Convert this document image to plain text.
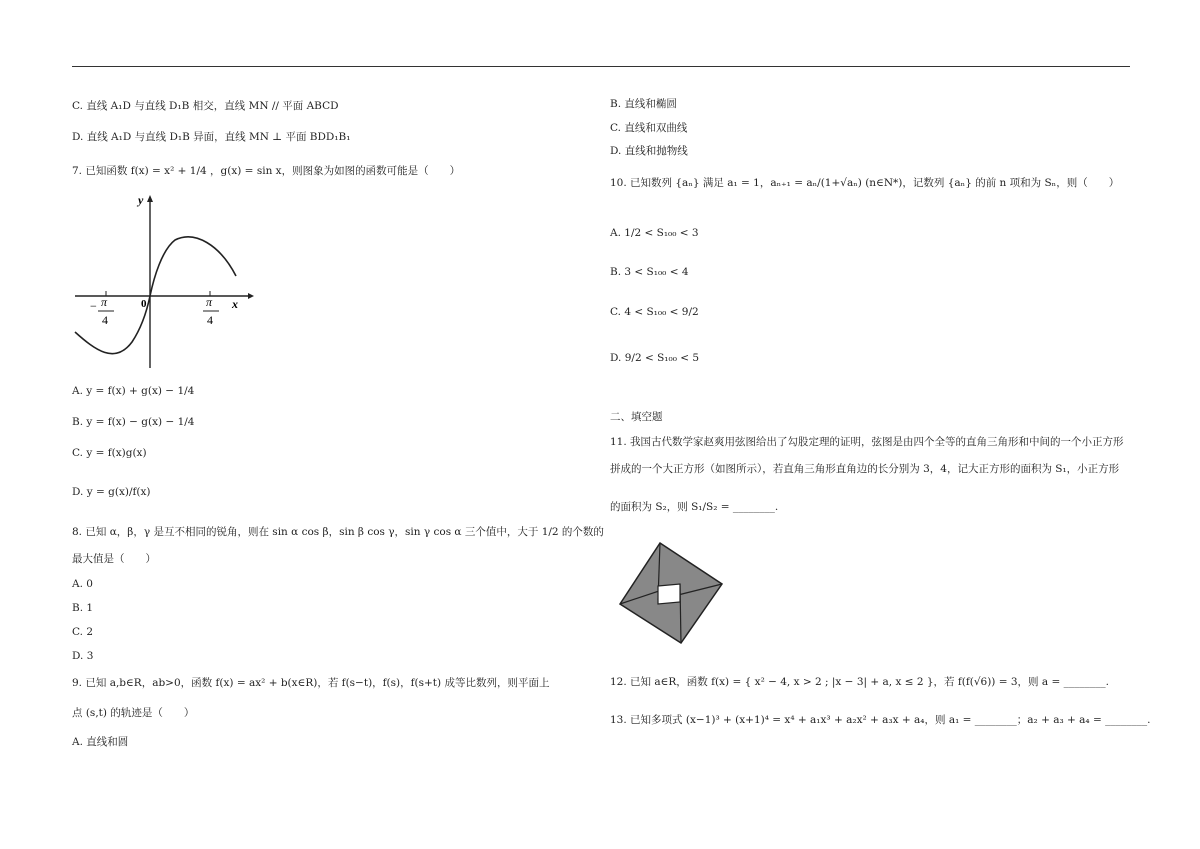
C. 直线 A₁D 与直线 D₁B 相交，直线 MN // 平面 ABCD
D. 直线 A₁D 与直线 D₁B 异面，直线 MN ⊥ 平面 BDD₁B₁
7. 已知函数 f(x) = x² + 1/4 ，g(x) = sin x，则图象为如图的函数可能是（　　）
y
x
0
− π
4
π
4
A. y = f(x) + g(x) − 1/4
B. y = f(x) − g(x) − 1/4
C. y = f(x)g(x)
D. y = g(x)/f(x)
8. 已知 α，β，γ 是互不相同的锐角，则在 sin α cos β，sin β cos γ，sin γ cos α 三个值中，大于 1/2 的个数的
最大值是（　　）
A. 0
B. 1
C. 2
D. 3
9. 已知 a,b∈R，ab>0，函数 f(x) = ax² + b(x∈R)，若 f(s−t)，f(s)，f(s+t) 成等比数列，则平面上
点 (s,t) 的轨迹是（　　）
A. 直线和圆
B. 直线和椭圆
C. 直线和双曲线
D. 直线和抛物线
10. 已知数列 {aₙ} 满足 a₁ = 1，aₙ₊₁ = aₙ/(1+√aₙ) (n∈N*)，记数列 {aₙ} 的前 n 项和为 Sₙ，则（　　）
A. 1/2 < S₁₀₀ < 3
B. 3 < S₁₀₀ < 4
C. 4 < S₁₀₀ < 9/2
D. 9/2 < S₁₀₀ < 5
二、填空题
11. 我国古代数学家赵爽用弦图给出了勾股定理的证明，弦图是由四个全等的直角三角形和中间的一个小正方形
拼成的一个大正方形（如图所示），若直角三角形直角边的长分别为 3，4，记大正方形的面积为 S₁，小正方形
的面积为 S₂，则 S₁/S₂ = ________.
12. 已知 a∈R，函数 f(x) = { x² − 4, x > 2 ; |x − 3| + a, x ≤ 2 }，若 f(f(√6)) = 3，则 a = ________.
13. 已知多项式 (x−1)³ + (x+1)⁴ = x⁴ + a₁x³ + a₂x² + a₃x + a₄，则 a₁ = ________；a₂ + a₃ + a₄ = ________.
